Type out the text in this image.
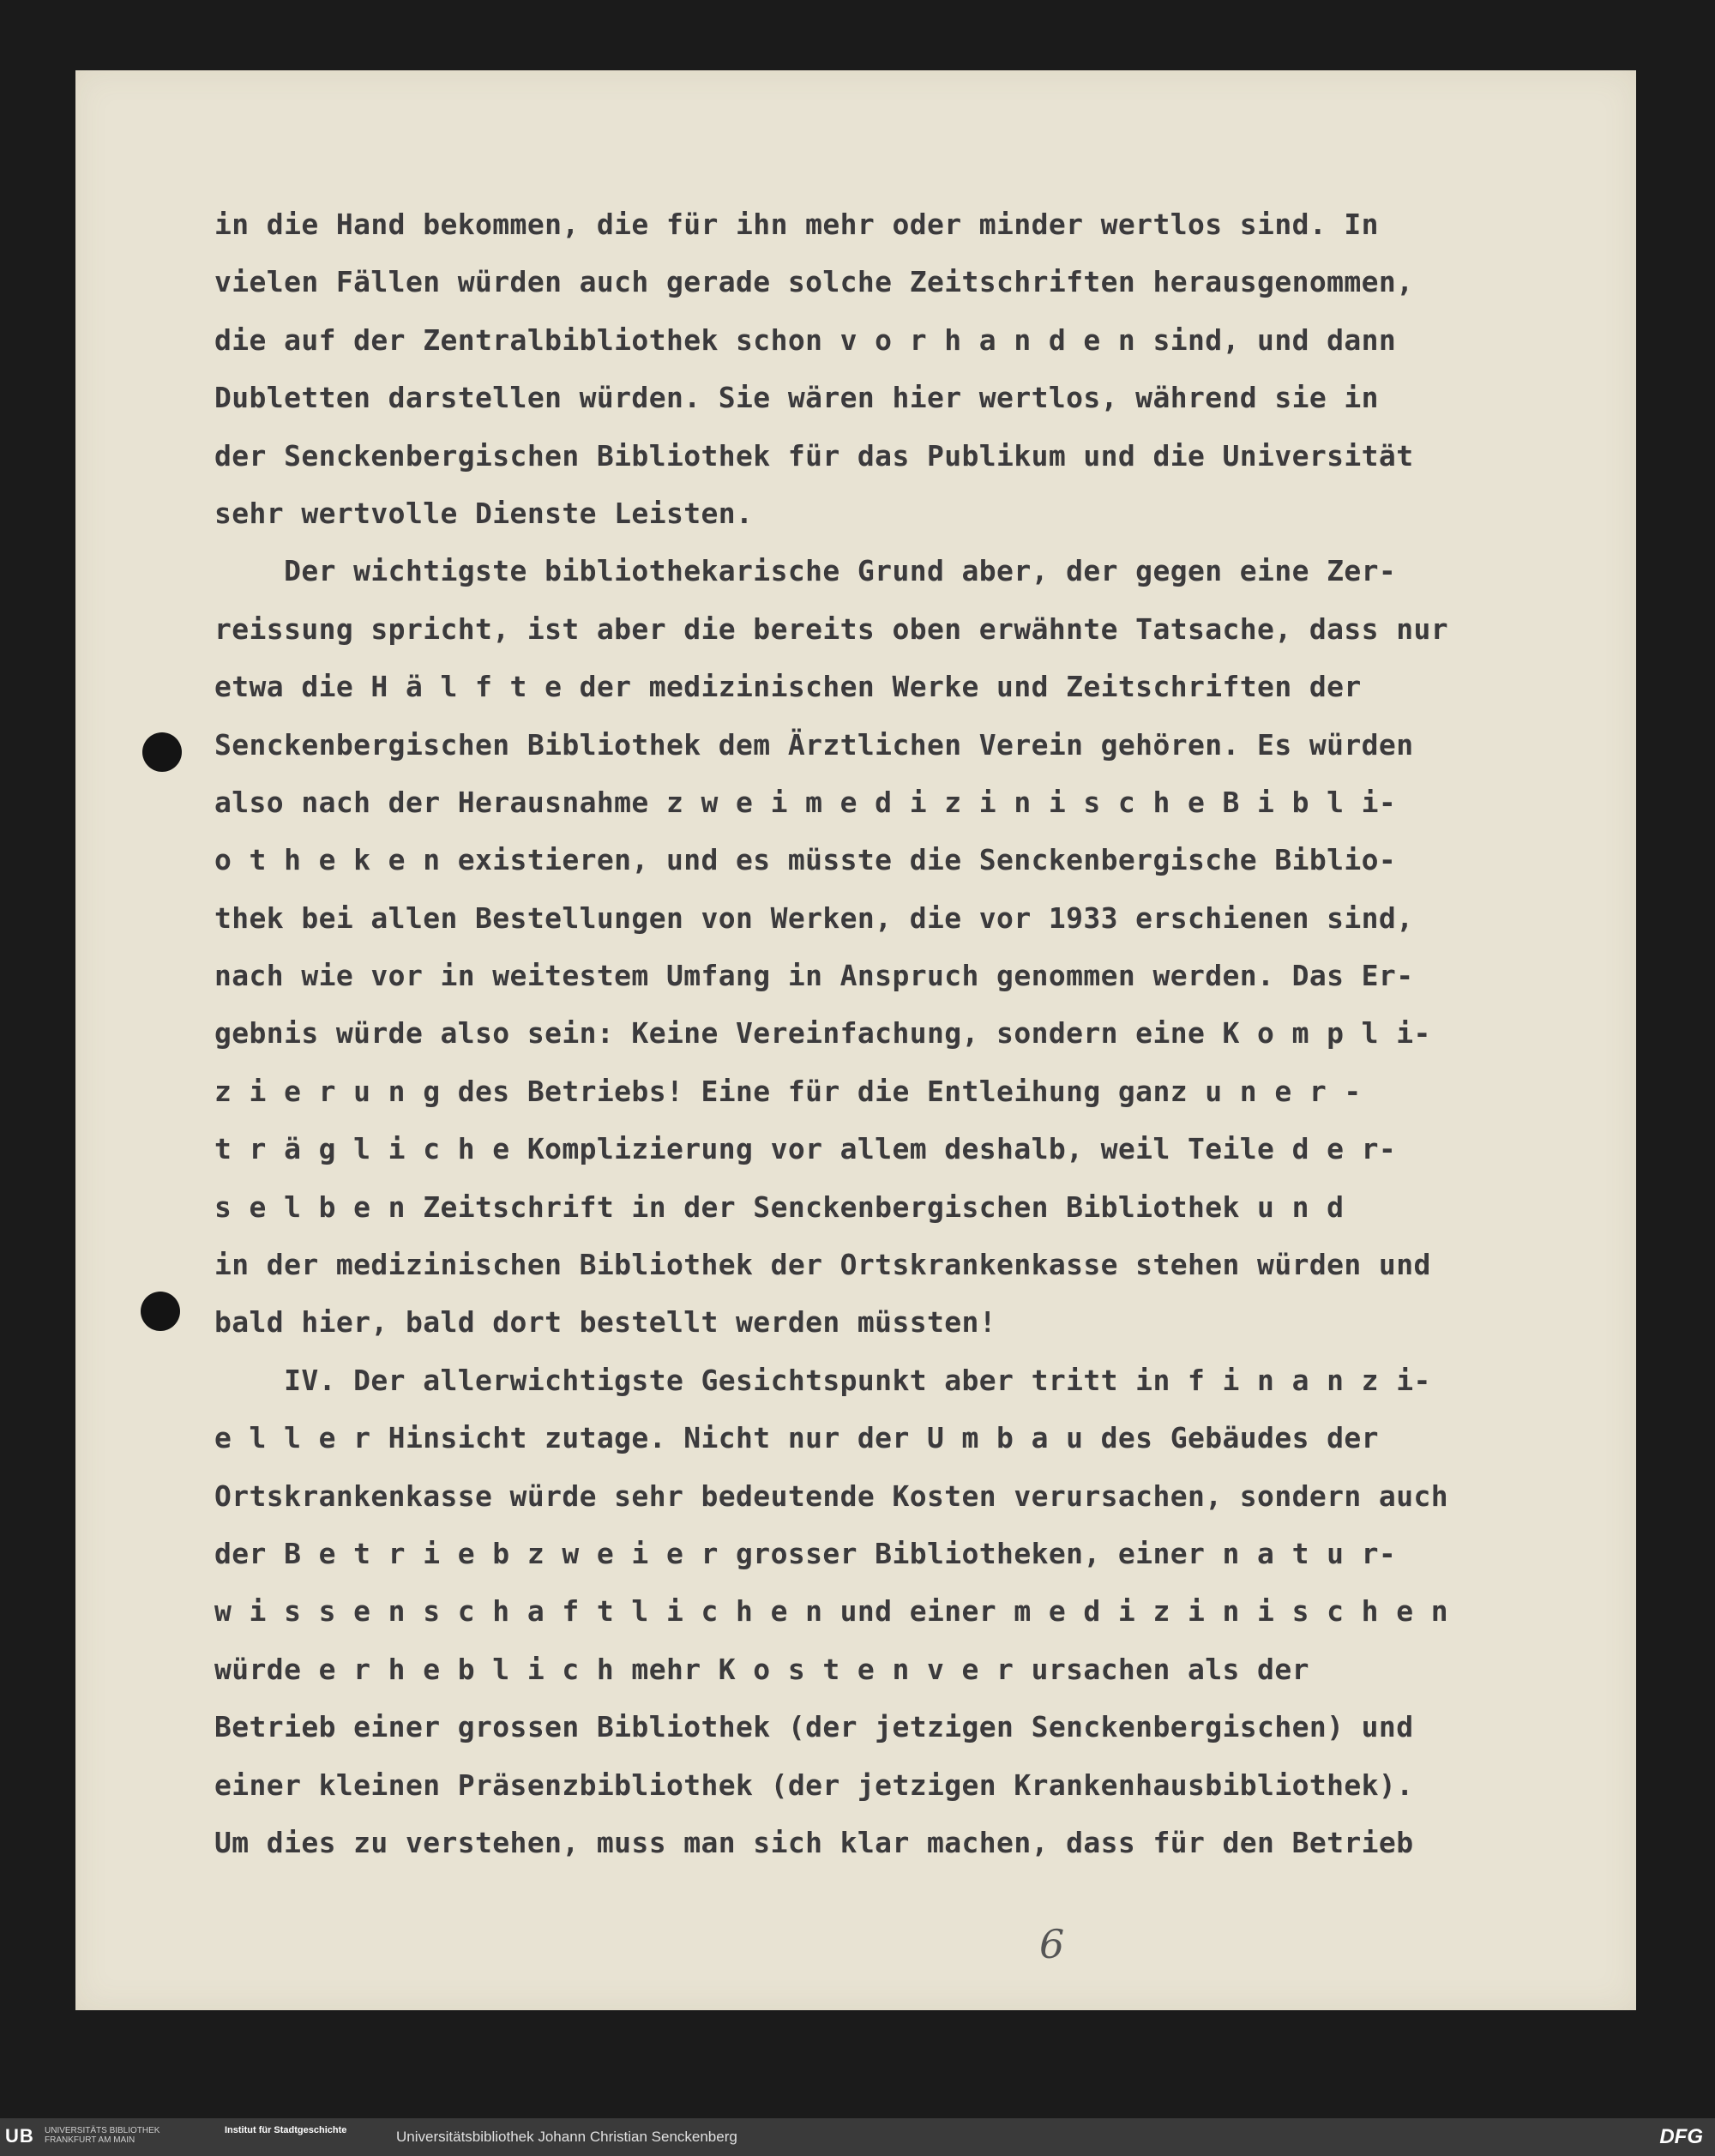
in die Hand bekommen, die für ihn mehr oder minder wertlos sind. In
vielen Fällen würden auch gerade solche Zeitschriften herausgenommen,
die auf der Zentralbibliothek schon v o r h a n d e n sind, und dann
Dubletten darstellen würden. Sie wären hier wertlos, während sie in
der Senckenbergischen Bibliothek für das Publikum und die Universität
sehr wertvolle Dienste Leisten.
Der wichtigste bibliothekarische Grund aber, der gegen eine Zer-
reissung spricht, ist aber die bereits oben erwähnte Tatsache, dass nur
etwa die H ä l f t e der medizinischen Werke und Zeitschriften der
Senckenbergischen Bibliothek dem Ärztlichen Verein gehören. Es würden
also nach der Herausnahme z w e i m e d i z i n i s c h e B i b l i-
o t h e k e n existieren, und es müsste die Senckenbergische Biblio-
thek bei allen Bestellungen von Werken, die vor 1933 erschienen sind,
nach wie vor in weitestem Umfang in Anspruch genommen werden. Das Er-
gebnis würde also sein: Keine Vereinfachung, sondern eine K o m p l i-
z i e r u n g des Betriebs! Eine für die Entleihung ganz u n e r -
t r ä g l i c h e Komplizierung vor allem deshalb, weil Teile d e r-
s e l b e n Zeitschrift in der Senckenbergischen Bibliothek u n d
in der medizinischen Bibliothek der Ortskrankenkasse stehen würden und
bald hier, bald dort bestellt werden müssten!
IV. Der allerwichtigste Gesichtspunkt aber tritt in f i n a n z i-
e l l e r Hinsicht zutage. Nicht nur der U m b a u des Gebäudes der
Ortskrankenkasse würde sehr bedeutende Kosten verursachen, sondern auch
der B e t r i e b z w e i e r grosser Bibliotheken, einer n a t u r-
w i s s e n s c h a f t l i c h e n und einer m e d i z i n i s c h e n
würde e r h e b l i c h mehr K o s t e n v e r ursachen als der
Betrieb einer grossen Bibliothek (der jetzigen Senckenbergischen) und
einer kleinen Präsenzbibliothek (der jetzigen Krankenhausbibliothek).
Um dies zu verstehen, muss man sich klar machen, dass für den Betrieb
6
UB UNIVERSITÄTS BIBLIOTHEK FRANKFURT AM MAIN
Institut für Stadtgeschichte	Universitätsbibliothek Johann Christian Senckenberg	DFG
